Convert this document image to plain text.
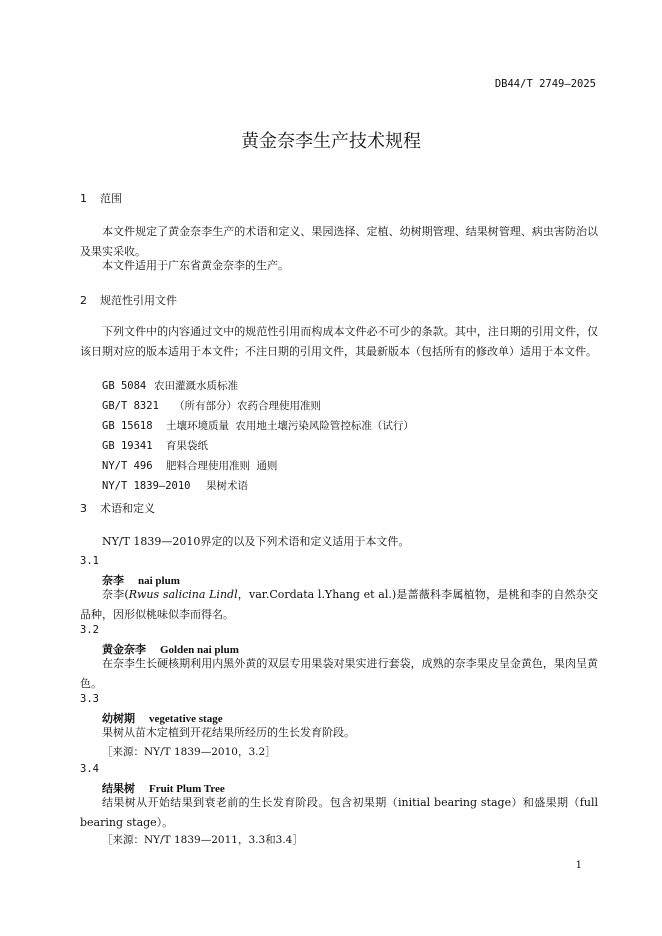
DB44/T 2749—2025
黄金奈李生产技术规程
1 范围
本文件规定了黄金奈李生产的术语和定义、果园选择、定植、幼树期管理、结果树管理、病虫害防治以及果实采收。
本文件适用于广东省黄金奈李的生产。
2 规范性引用文件
下列文件中的内容通过文中的规范性引用而构成本文件必不可少的条款。其中，注日期的引用文件，仅该日期对应的版本适用于本文件；不注日期的引用文件，其最新版本（包括所有的修改单）适用于本文件。
GB 5084 农田灌溉水质标准
GB/T 8321 （所有部分）农药合理使用准则
GB 15618 土壤环境质量 农用地土壤污染风险管控标准（试行）
GB 19341 育果袋纸
NY/T 496 肥料合理使用准则 通则
NY/T 1839—2010 果树术语
3 术语和定义
NY/T 1839—2010界定的以及下列术语和定义适用于本文件。
3.1
奈李 nai plum
奈李(Rwus salicina Lindl，var.Cordata l.Yhang et al.)是蔷薇科李属植物，是桃和李的自然杂交品种，因形似桃味似李而得名。
3.2
黄金奈李 Golden nai plum
在奈李生长硬核期利用内黑外黄的双层专用果袋对果实进行套袋，成熟的奈李果皮呈金黄色，果肉呈黄色。
3.3
幼树期 vegetative stage
果树从苗木定植到开花结果所经历的生长发育阶段。
［来源：NY/T 1839—2010，3.2］
3.4
结果树 Fruit Plum Tree
结果树从开始结果到衰老前的生长发育阶段。包含初果期（initial bearing stage）和盛果期（full bearing stage）。
［来源：NY/T 1839—2011，3.3和3.4］
1
